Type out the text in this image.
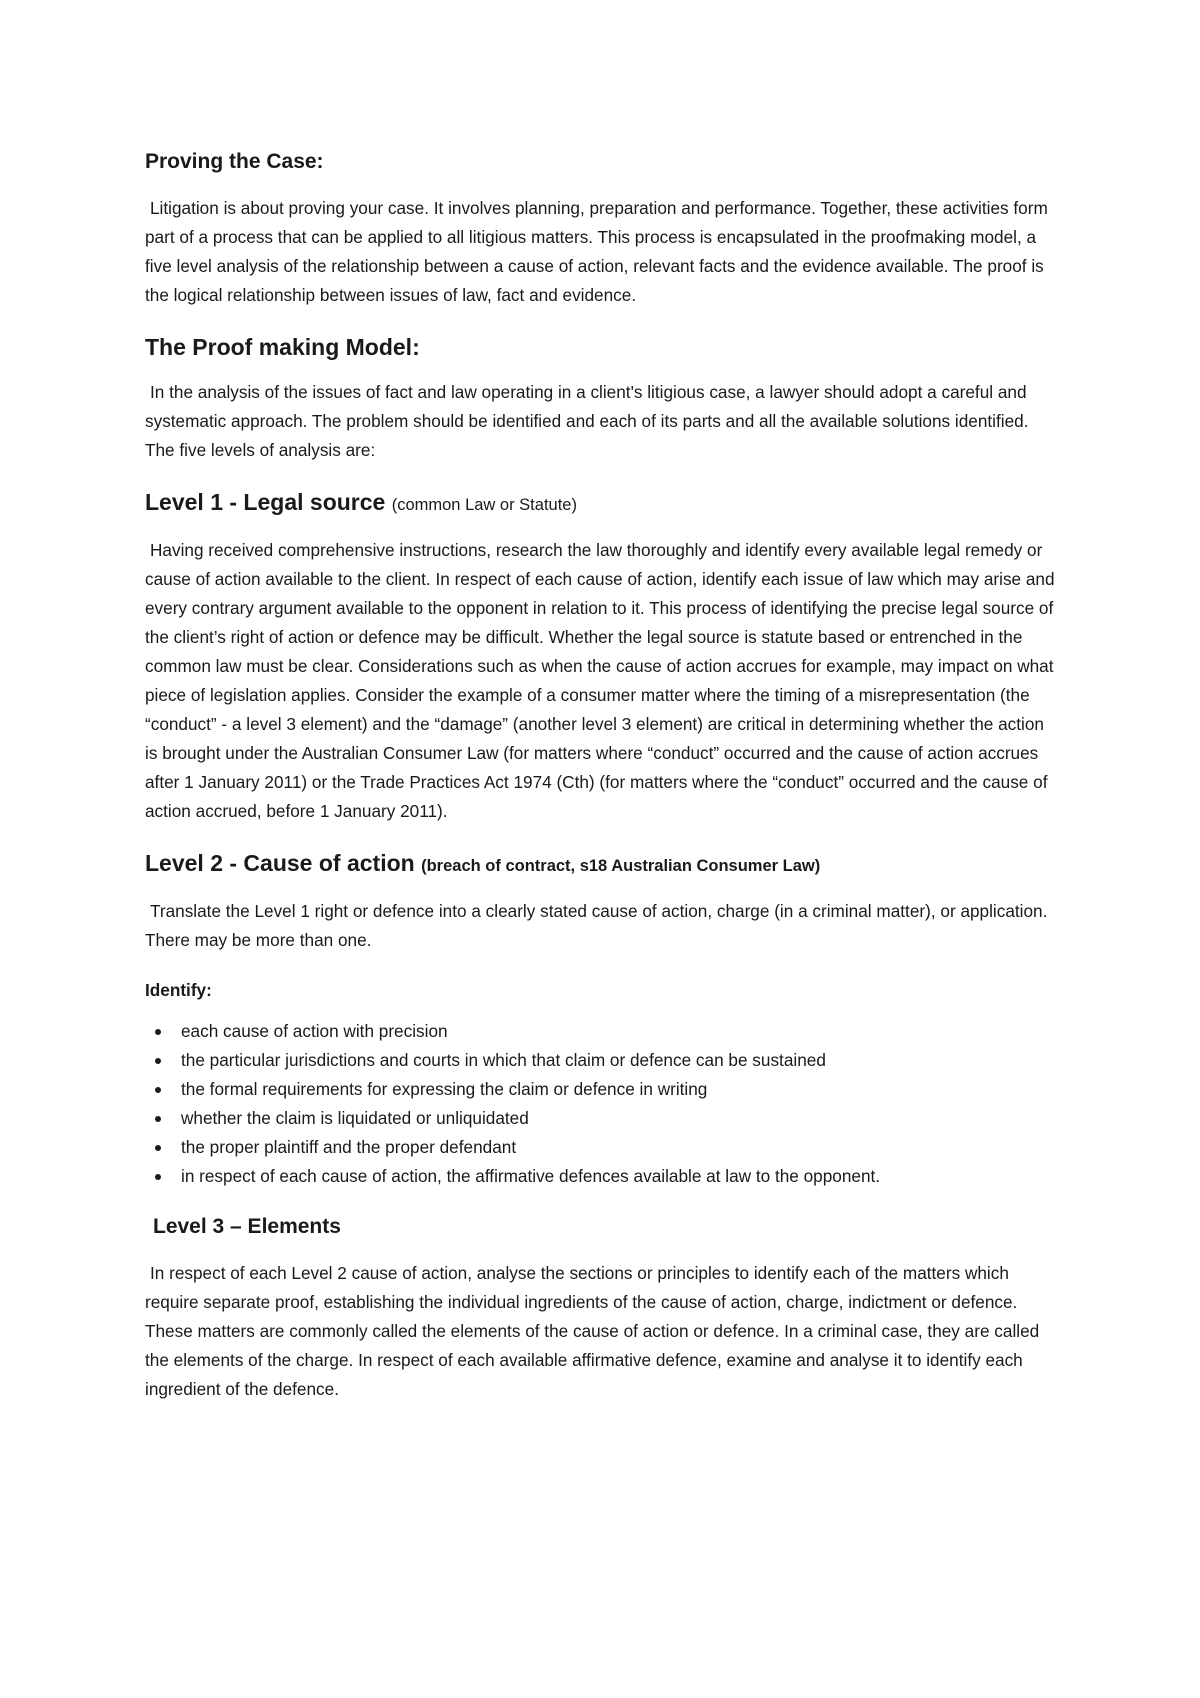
Proving the Case:

Litigation is about proving your case. It involves planning, preparation and performance. Together, these activities form part of a process that can be applied to all litigious matters. This process is encapsulated in the proofmaking model, a five level analysis of the relationship between a cause of action, relevant facts and the evidence available. The proof is the logical relationship between issues of law, fact and evidence.

The Proof making Model:

In the analysis of the issues of fact and law operating in a client's litigious case, a lawyer should adopt a careful and systematic approach. The problem should be identified and each of its parts and all the available solutions identified. The five levels of analysis are:

Level 1 - Legal source (common Law or Statute)

Having received comprehensive instructions, research the law thoroughly and identify every available legal remedy or cause of action available to the client. In respect of each cause of action, identify each issue of law which may arise and every contrary argument available to the opponent in relation to it. This process of identifying the precise legal source of the client’s right of action or defence may be difficult. Whether the legal source is statute based or entrenched in the common law must be clear. Considerations such as when the cause of action accrues for example, may impact on what piece of legislation applies. Consider the example of a consumer matter where the timing of a misrepresentation (the “conduct” - a level 3 element) and the “damage” (another level 3 element) are critical in determining whether the action is brought under the Australian Consumer Law (for matters where “conduct” occurred and the cause of action accrues after 1 January 2011) or the Trade Practices Act 1974 (Cth) (for matters where the “conduct” occurred and the cause of action accrued, before 1 January 2011).

Level 2 - Cause of action (breach of contract, s18 Australian Consumer Law)

Translate the Level 1 right or defence into a clearly stated cause of action, charge (in a criminal matter), or application. There may be more than one.

Identify:
each cause of action with precision
the particular jurisdictions and courts in which that claim or defence can be sustained
the formal requirements for expressing the claim or defence in writing
whether the claim is liquidated or unliquidated
the proper plaintiff and the proper defendant
in respect of each cause of action, the affirmative defences available at law to the opponent.
Level 3 – Elements

In respect of each Level 2 cause of action, analyse the sections or principles to identify each of the matters which require separate proof, establishing the individual ingredients of the cause of action, charge, indictment or defence. These matters are commonly called the elements of the cause of action or defence. In a criminal case, they are called the elements of the charge. In respect of each available affirmative defence, examine and analyse it to identify each ingredient of the defence.
